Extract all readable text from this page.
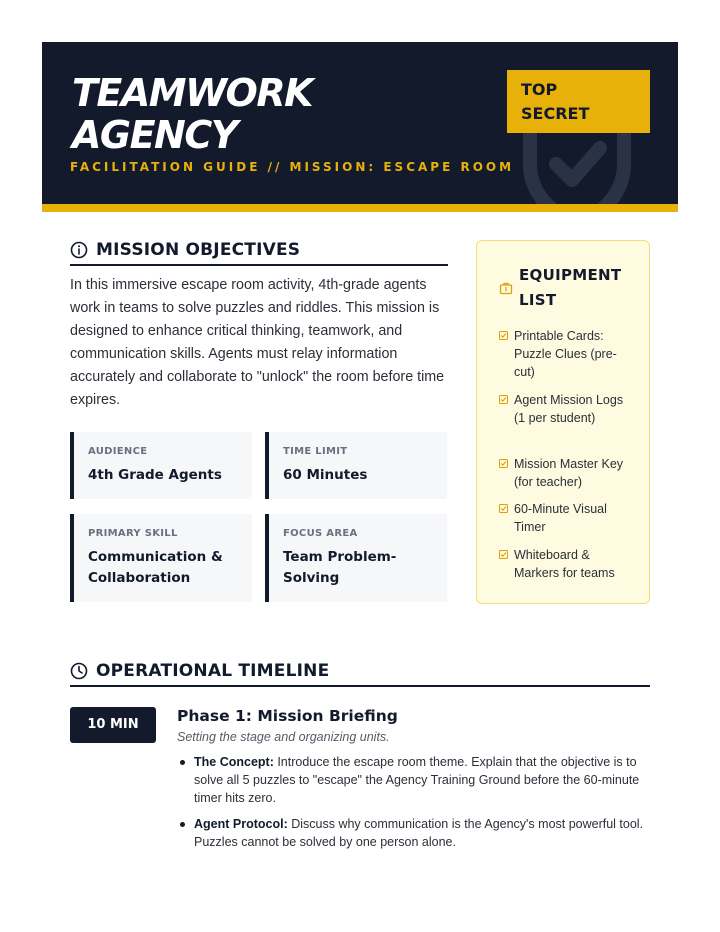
TEAMWORK
AGENCY
FACILITATION GUIDE // MISSION: ESCAPE ROOM
TOP
SECRET
MISSION OBJECTIVES

In this immersive escape room activity, 4th-grade agents work in teams to solve puzzles and riddles. This mission is designed to enhance critical thinking, teamwork, and communication skills. Agents must relay information accurately and collaborate to "unlock" the room before time expires.

AUDIENCE
4th Grade Agents
TIME LIMIT
60 Minutes
PRIMARY SKILL
Communication & Collaboration
FOCUS AREA
Team Problem-Solving
EQUIPMENT LIST
Printable Cards: Puzzle Clues (pre-cut)
Agent Mission Logs (1 per student)
Mission Master Key (for teacher)
60-Minute Visual Timer
Whiteboard & Markers for teams
OPERATIONAL TIMELINE
10 MIN	Phase 1: Mission Briefing
Setting the stage and organizing units.
The Concept: Introduce the escape room theme. Explain that the objective is to solve all 5 puzzles to "escape" the Agency Training Ground before the 60-minute timer hits zero.
Agent Protocol: Discuss why communication is the Agency's most powerful tool. Puzzles cannot be solved by one person alone.
